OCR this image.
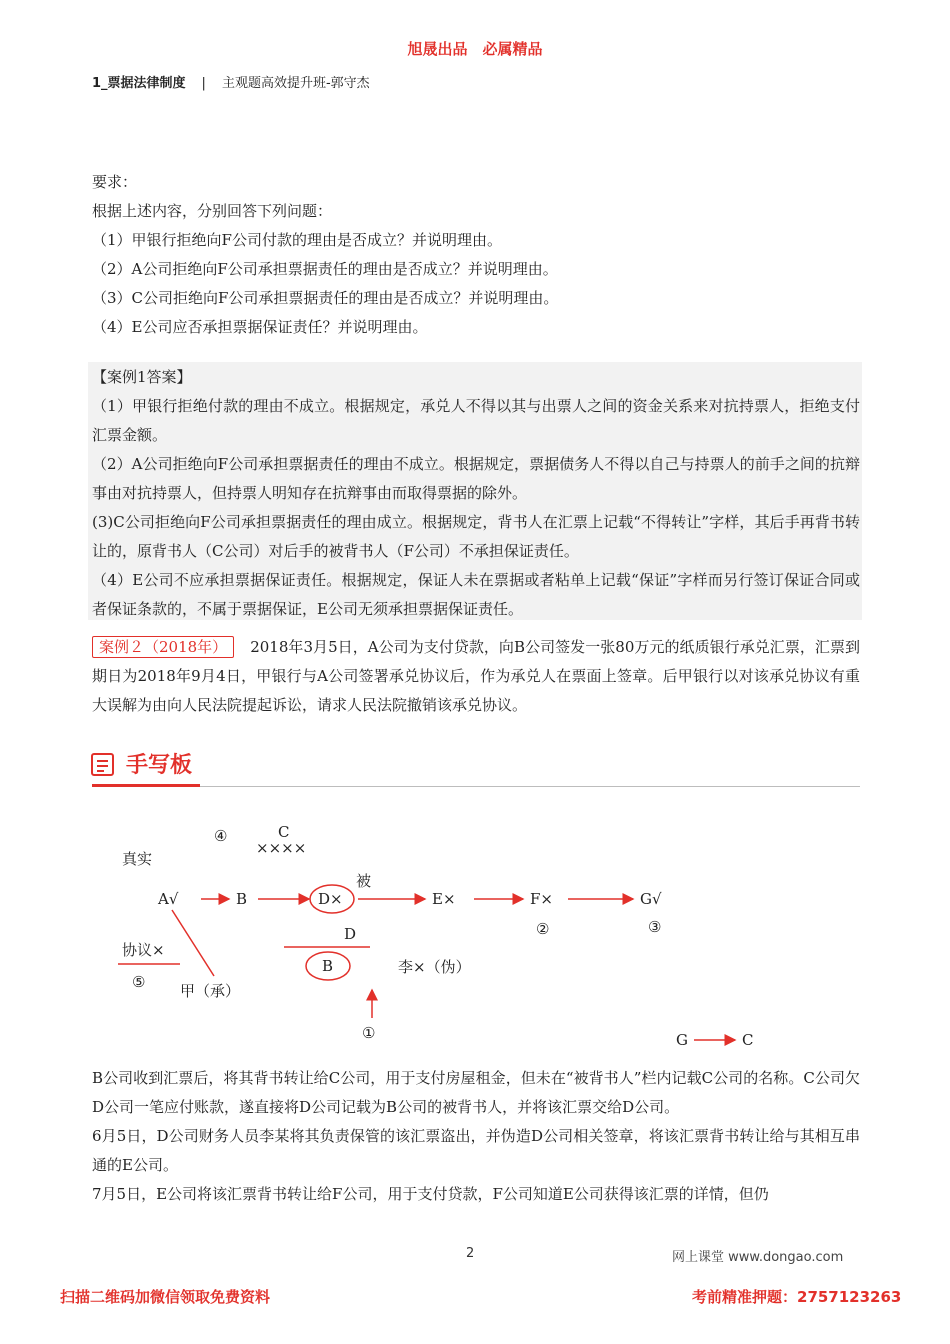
旭晟出品　必属精品
1_票据法律制度 | 主观题高效提升班-郭守杰
要求：
根据上述内容，分别回答下列问题：
（1）甲银行拒绝向F公司付款的理由是否成立？并说明理由。
（2）A公司拒绝向F公司承担票据责任的理由是否成立？并说明理由。
（3）C公司拒绝向F公司承担票据责任的理由是否成立？并说明理由。
（4）E公司应否承担票据保证责任？并说明理由。
【案例1答案】
（1）甲银行拒绝付款的理由不成立。根据规定，承兑人不得以其与出票人之间的资金关系来对抗持票人，拒绝支付汇票金额。
（2）A公司拒绝向F公司承担票据责任的理由不成立。根据规定，票据债务人不得以自己与持票人的前手之间的抗辩事由对抗持票人，但持票人明知存在抗辩事由而取得票据的除外。
(3)C公司拒绝向F公司承担票据责任的理由成立。根据规定，背书人在汇票上记载“不得转让”字样，其后手再背书转让的，原背书人（C公司）对后手的被背书人（F公司）不承担保证责任。
（4）E公司不应承担票据保证责任。根据规定，保证人未在票据或者粘单上记载“保证”字样而另行签订保证合同或者保证条款的，不属于票据保证，E公司无须承担票据保证责任。
案例２（2018年） 2018年3月5日，A公司为支付贷款，向B公司签发一张80万元的纸质银行承兑汇票，汇票到期日为2018年9月4日，甲银行与A公司签署承兑协议后，作为承兑人在票面上签章。后甲银行以对该承兑协议有重大误解为由向人民法院提起诉讼，请求人民法院撤销该承兑协议。
手写板
④	C
××××
真实
A√	B	D×
被
E×	F×	G√
②	③
D
B	李×（伪）
协议×
⑤ 甲（承）
①	G	C
B公司收到汇票后，将其背书转让给C公司，用于支付房屋租金，但未在“被背书人”栏内记载C公司的名称。C公司欠D公司一笔应付账款，遂直接将D公司记载为B公司的被背书人，并将该汇票交给D公司。
6月5日，D公司财务人员李某将其负责保管的该汇票盗出，并伪造D公司相关签章，将该汇票背书转让给与其相互串通的E公司。
7月5日，E公司将该汇票背书转让给F公司，用于支付贷款，F公司知道E公司获得该汇票的详情，但仍
2	网上课堂 www.dongao.com
扫描二维码加微信领取免费资料	考前精准押题：2757123263
